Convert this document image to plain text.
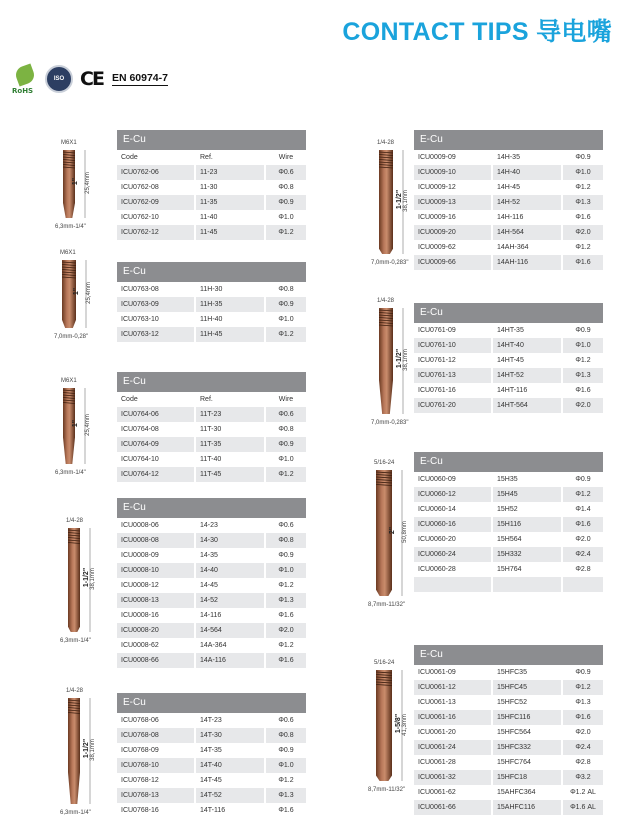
CONTACT TIPS 导电嘴
RoHS
ISO CE EN 60974-7
M6X1
6,3mm-1/4"
25,4mm
1"
M6X1
7,0mm-0,28"
25,4mm
1"
M6X1
6,3mm-1/4"
25,4mm
1"
1/4-28
6,3mm-1/4"
38,1mm
1-1/2"
1/4-28
6,3mm-1/4"
38,1mm
1-1/2"
1/4-28
7,0mm-0,283"
38,1mm
1-1/2"
1/4-28
7,0mm-0,283"
38,1mm
1-1/2"
5/16-24
8,7mm-11/32"
50,8mm
2"
5/16-24
8,7mm-11/32"
41,3mm
1-5/8"
E-Cu
Code	Ref.	Wire
ICU0762-06	11-23	Φ0.6
ICU0762-08	11-30	Φ0.8
ICU0762-09	11-35	Φ0.9
ICU0762-10	11-40	Φ1.0
ICU0762-12	11-45	Φ1.2
E-Cu
ICU0763-08	11H-30	Φ0.8
ICU0763-09	11H-35	Φ0.9
ICU0763-10	11H-40	Φ1.0
ICU0763-12	11H-45	Φ1.2
E-Cu
Code	Ref.	Wire
ICU0764-06	11T-23	Φ0.6
ICU0764-08	11T-30	Φ0.8
ICU0764-09	11T-35	Φ0.9
ICU0764-10	11T-40	Φ1.0
ICU0764-12	11T-45	Φ1.2
E-Cu
ICU0008-06	14-23	Φ0.6
ICU0008-08	14-30	Φ0.8
ICU0008-09	14-35	Φ0.9
ICU0008-10	14-40	Φ1.0
ICU0008-12	14-45	Φ1.2
ICU0008-13	14-52	Φ1.3
ICU0008-16	14-116	Φ1.6
ICU0008-20	14-564	Φ2.0
ICU0008-62	14A-364	Φ1.2
ICU0008-66	14A-116	Φ1.6
E-Cu
ICU0768-06	14T-23	Φ0.6
ICU0768-08	14T-30	Φ0.8
ICU0768-09	14T-35	Φ0.9
ICU0768-10	14T-40	Φ1.0
ICU0768-12	14T-45	Φ1.2
ICU0768-13	14T-52	Φ1.3
ICU0768-16	14T-116	Φ1.6
E-Cu
ICU0009-09	14H-35	Φ0.9
ICU0009-10	14H-40	Φ1.0
ICU0009-12	14H-45	Φ1.2
ICU0009-13	14H-52	Φ1.3
ICU0009-16	14H-116	Φ1.6
ICU0009-20	14H-564	Φ2.0
ICU0009-62	14AH-364	Φ1.2
ICU0009-66	14AH-116	Φ1.6

E-Cu
ICU0761-09	14HT-35	Φ0.9
ICU0761-10	14HT-40	Φ1.0
ICU0761-12	14HT-45	Φ1.2
ICU0761-13	14HT-52	Φ1.3
ICU0761-16	14HT-116	Φ1.6
ICU0761-20	14HT-564	Φ2.0

E-Cu
ICU0060-09	15H35	Φ0.9
ICU0060-12	15H45	Φ1.2
ICU0060-14	15H52	Φ1.4
ICU0060-16	15H116	Φ1.6
ICU0060-20	15H564	Φ2.0
ICU0060-24	15H332	Φ2.4
ICU0060-28	15H764	Φ2.8

E-Cu
ICU0061-09	15HFC35	Φ0.9
ICU0061-12	15HFC45	Φ1.2
ICU0061-13	15HFC52	Φ1.3
ICU0061-16	15HFC116	Φ1.6
ICU0061-20	15HFC564	Φ2.0
ICU0061-24	15HFC332	Φ2.4
ICU0061-28	15HFC764	Φ2.8
ICU0061-32	15HFC18	Φ3.2
ICU0061-62	15AHFC364	Φ1.2 AL
ICU0061-66	15AHFC116	Φ1.6 AL
